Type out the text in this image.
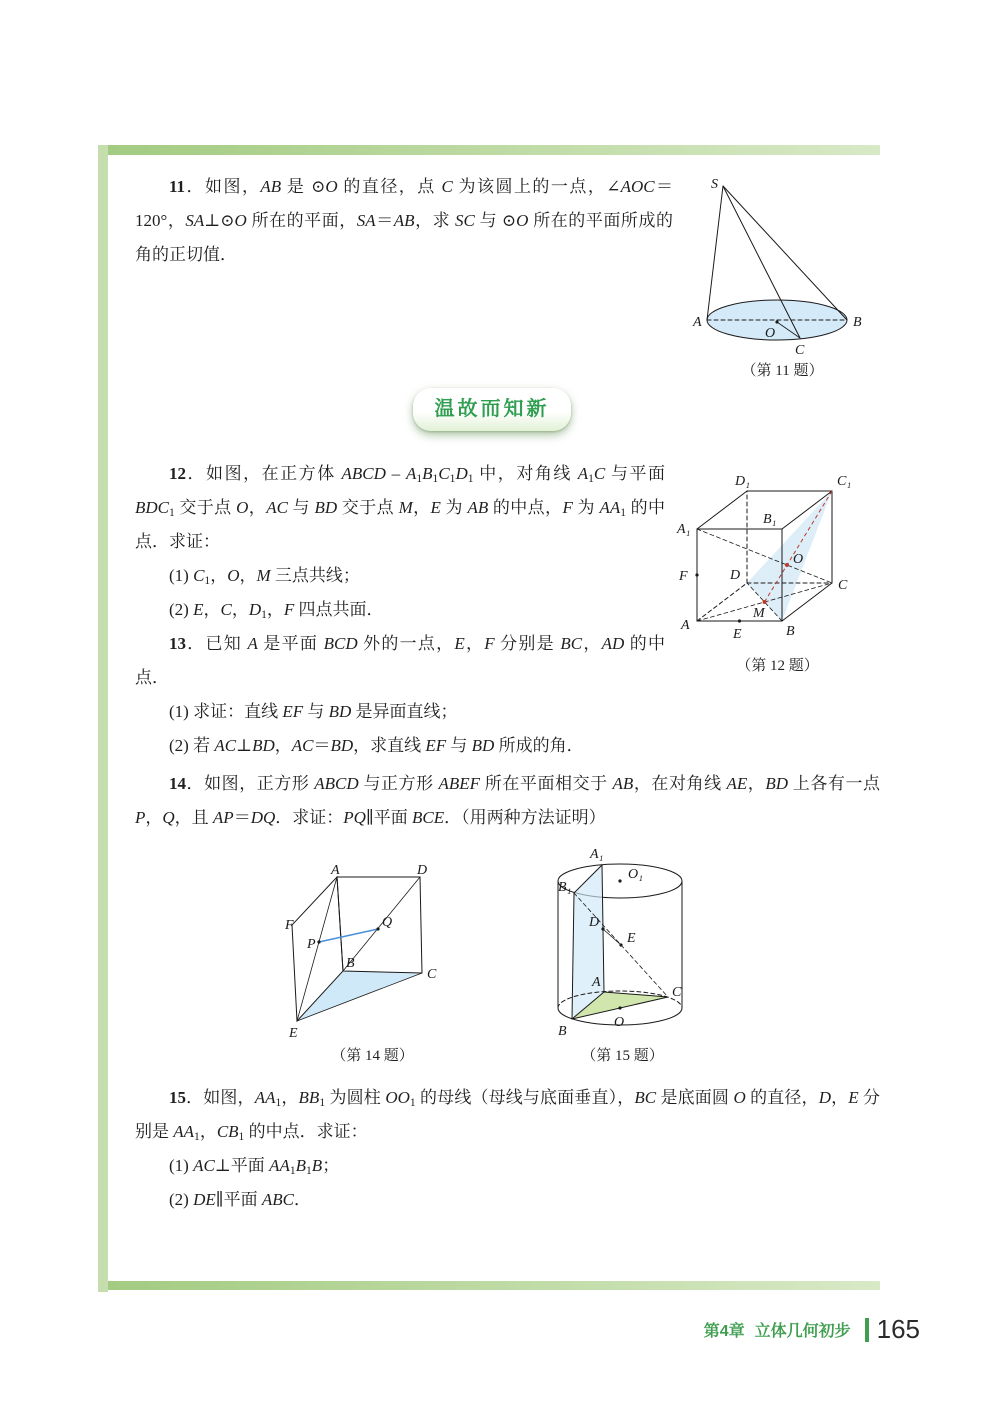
S
A
O
B
C
（第 11 题）

11．如图，AB 是 ⊙O 的直径，点 C 为该圆上的一点，∠AOC＝120°，SA⊥⊙O 所在的平面，SA＝AB，求 SC 与 ⊙O 所在的平面所成的角的正切值．

温故而知新
D₁	C₁
A₁
B₁
F	D
C
A
E	B
O
M
（第 12 题）

12．如图，在正方体 ABCD – $A_1B_1C_1D_1$ 中，对角线 $A_1C$ 与平面 $BDC_1$ 交于点 O，AC 与 BD 交于点 M，E 为 AB 的中点，F 为 $AA_1$ 的中点．求证：

(1) $C_1$，O，M 三点共线；

(2) E，C，$D_1$，F 四点共面．

13．已知 A 是平面 BCD 外的一点，E，F 分别是 BC，AD 的中点．

(1) 求证：直线 EF 与 BD 是异面直线；

(2) 若 AC⊥BD，AC＝BD，求直线 EF 与 BD 所成的角．

14．如图，正方形 ABCD 与正方形 ABEF 所在平面相交于 AB，在对角线 AE，BD 上各有一点 P，Q，且 AP＝DQ．求证：PQ∥平面 BCE．（用两种方法证明）

A	D
F
P
Q
B
C
E
（第 14 题）
A₁
O₁
B₁
D
E
A
B
O
C
（第 15 题）

15．如图，$AA_1$，$BB_1$ 为圆柱 $OO_1$ 的母线（母线与底面垂直），BC 是底面圆 O 的直径，D，E 分别是 $AA_1$，$CB_1$ 的中点．求证：

(1) AC⊥平面 $AA_1B_1B$；

(2) DE∥平面 ABC．

第4章 立体几何初步 165
